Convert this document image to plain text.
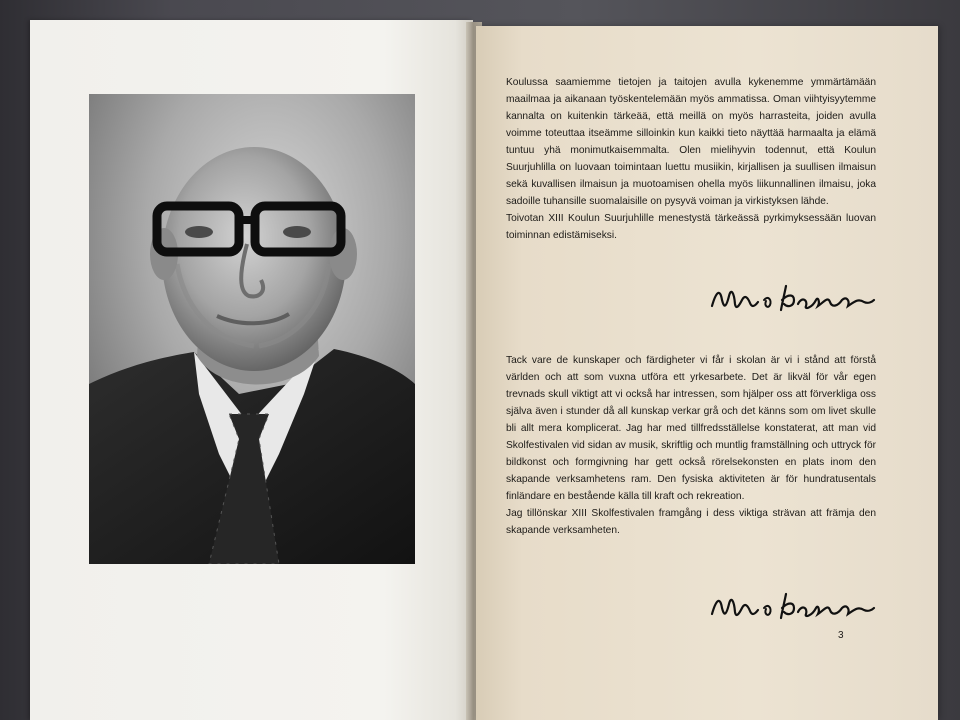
Koulussa saamiemme tietojen ja taitojen avulla kykenemme ymmärtämään maailmaa ja aikanaan työskentelemään myös ammatissa. Oman viihtyisyytemme kannalta on kuitenkin tärkeää, että meillä on myös harrasteita, joiden avulla voimme toteuttaa itseämme silloinkin kun kaikki tieto näyttää harmaalta ja elämä tuntuu yhä monimutkaisemmalta. Olen mielihyvin todennut, että Koulun Suurjuhlilla on luovaan toimintaan luettu musiikin, kirjallisen ja suullisen ilmaisun sekä kuvallisen ilmaisun ja muotoamisen ohella myös liikunnallinen ilmaisu, joka sadoille tuhansille suomalaisille on pysyvä voiman ja virkistyksen lähde.

Toivotan XIII Koulun Suurjuhlille menestystä tärkeässä pyrkimyksessään luovan toiminnan edistämiseksi.

Tack vare de kunskaper och färdigheter vi får i skolan är vi i stånd att förstå världen och att som vuxna utföra ett yrkesarbete. Det är likväl för vår egen trevnads skull viktigt att vi också har intressen, som hjälper oss att förverkliga oss själva även i stunder då all kunskap verkar grå och det känns som om livet skulle bli allt mera komplicerat. Jag har med tillfredsställelse konstaterat, att man vid Skolfestivalen vid sidan av musik, skriftlig och muntlig framställning och uttryck för bildkonst och formgivning har gett också rörelsekonsten en plats inom den skapande verksamhetens ram. Den fysiska aktiviteten är för hundratusentals finländare en bestående källa till kraft och rekreation.

Jag tillönskar XIII Skolfestivalen framgång i dess viktiga strävan att främja den skapande verksamheten.

3
